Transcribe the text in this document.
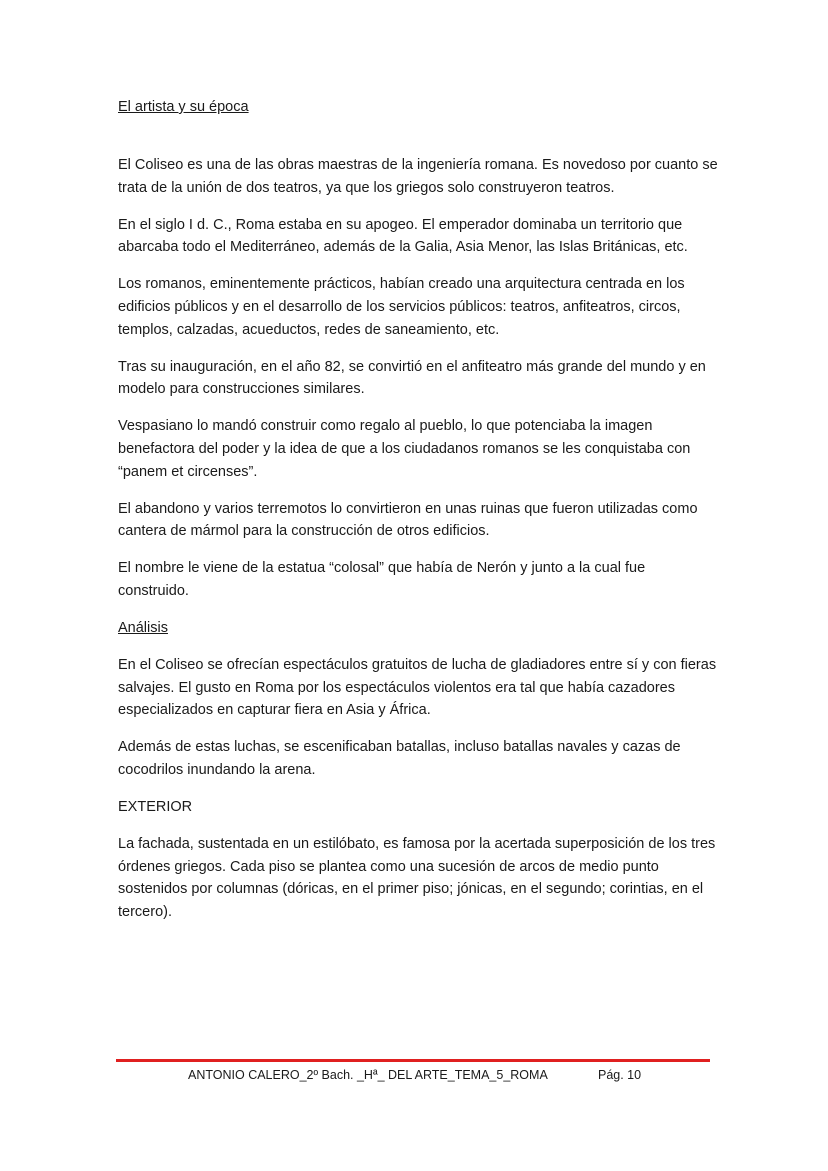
El artista y su época

El Coliseo es una de las obras maestras de la ingeniería romana. Es novedoso por cuanto se trata de la unión de dos teatros, ya que los griegos solo construyeron teatros.

En el siglo I d. C., Roma estaba en su apogeo. El emperador dominaba un territorio que abarcaba todo el Mediterráneo, además de la Galia, Asia Menor, las Islas Británicas, etc.

Los romanos, eminentemente prácticos, habían creado una arquitectura centrada en los edificios públicos y en el desarrollo de los servicios públicos: teatros, anfiteatros, circos, templos, calzadas, acueductos, redes de saneamiento, etc.

Tras su inauguración, en el año 82, se convirtió en el anfiteatro más grande del mundo y en modelo para construcciones similares.

Vespasiano lo mandó construir como regalo al pueblo, lo que potenciaba la imagen benefactora del poder y la idea de que a los ciudadanos romanos se les conquistaba con “panem et circenses”.

El abandono y varios terremotos lo convirtieron en unas ruinas que fueron utilizadas como cantera de mármol para la construcción de otros edificios.

El nombre le viene de la estatua “colosal” que había de Nerón y junto a la cual fue construido.

Análisis

En el Coliseo se ofrecían espectáculos gratuitos de lucha de gladiadores entre sí y con fieras salvajes. El gusto en Roma por los espectáculos violentos era tal que había cazadores especializados en capturar fiera en Asia y África.

Además de estas luchas, se escenificaban batallas, incluso batallas navales y cazas de cocodrilos inundando la arena.

EXTERIOR

La fachada, sustentada en un estilóbato, es famosa por la acertada superposición de los tres órdenes griegos. Cada piso se plantea como una sucesión de arcos de medio punto sostenidos por columnas (dóricas, en el primer piso; jónicas, en el segundo; corintias, en el tercero).

ANTONIO CALERO_2º Bach. _Hª_ DEL ARTE_TEMA_5_ROMA	Pág. 10
